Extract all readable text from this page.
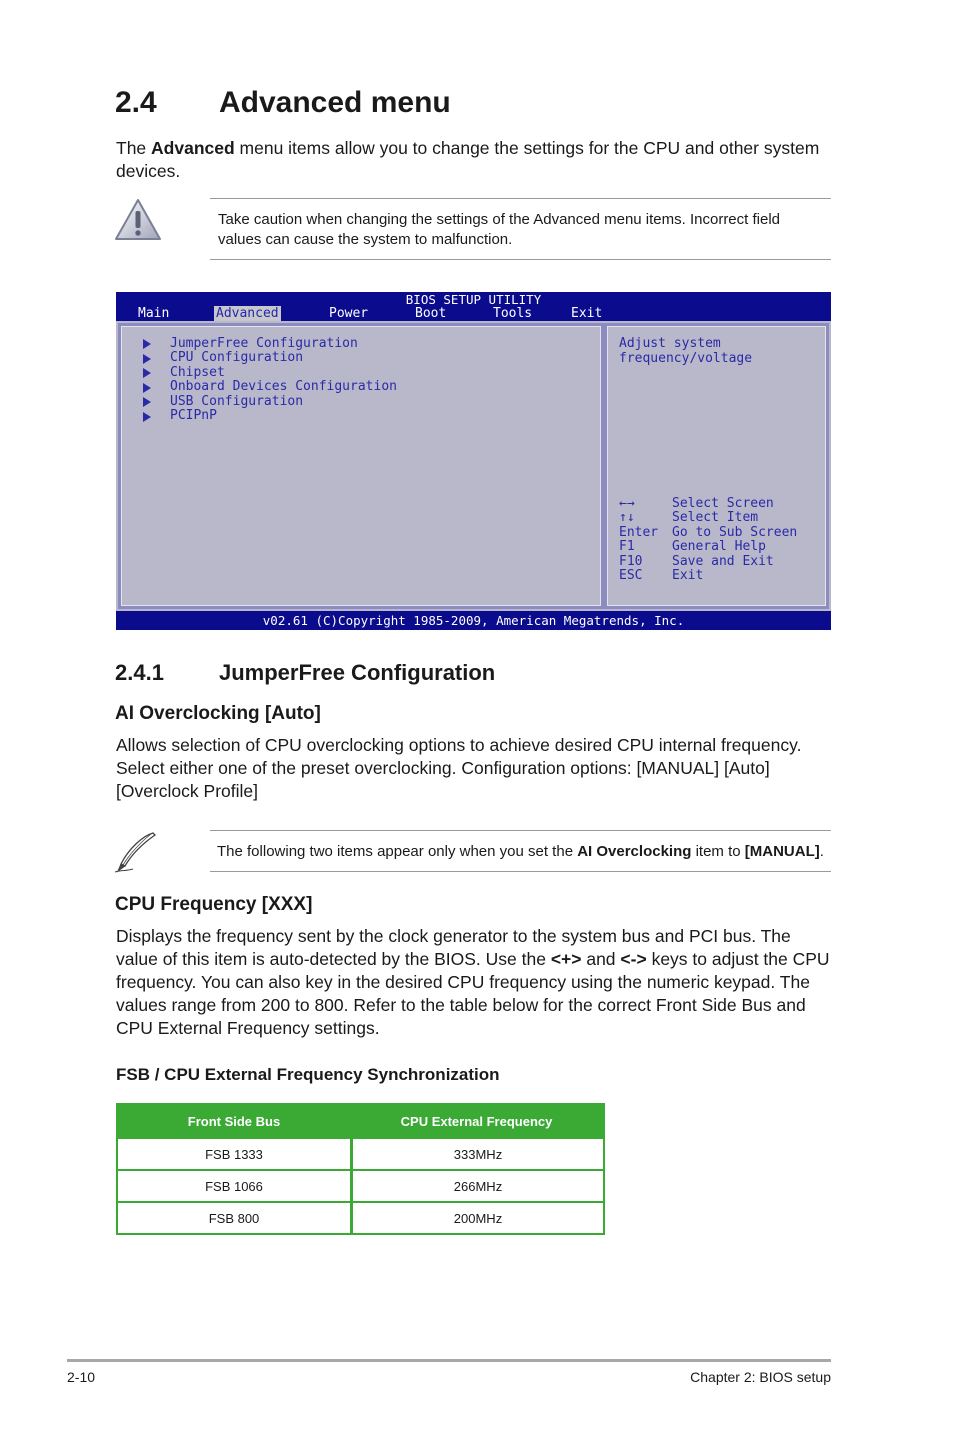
2.4 Advanced menu
The Advanced menu items allow you to change the settings for the CPU and other system devices.
Take caution when changing the settings of the Advanced menu items. Incorrect field values can cause the system to malfunction.
BIOS SETUP UTILITY
Main	Advanced	Power	Boot	Tools	Exit
JumperFree Configuration
CPU Configuration
Chipset
Onboard Devices Configuration
USB Configuration
PCIPnP
Adjust system
frequency/voltage
←→	Select Screen
↑↓	Select Item
Enter Go to Sub Screen
F1	General Help
F10 Save and Exit
ESC Exit
v02.61 (C)Copyright 1985-2009, American Megatrends, Inc.
2.4.1	JumperFree Configuration
AI Overclocking [Auto]
Allows selection of CPU overclocking options to achieve desired CPU internal frequency. Select either one of the preset overclocking. Configuration options: [MANUAL] [Auto] [Overclock Profile]
The following two items appear only when you set the AI Overclocking item to [MANUAL].
CPU Frequency [XXX]
Displays the frequency sent by the clock generator to the system bus and PCI bus. The value of this item is auto-detected by the BIOS. Use the <+> and <-> keys to adjust the CPU frequency. You can also key in the desired CPU frequency using the numeric keypad. The values range from 200 to 800. Refer to the table below for the correct Front Side Bus and CPU External Frequency settings.
FSB / CPU External Frequency Synchronization
Front Side Bus	CPU External Frequency
FSB 1333	333MHz
FSB 1066	266MHz
FSB 800	200MHz
2-10	Chapter 2: BIOS setup
